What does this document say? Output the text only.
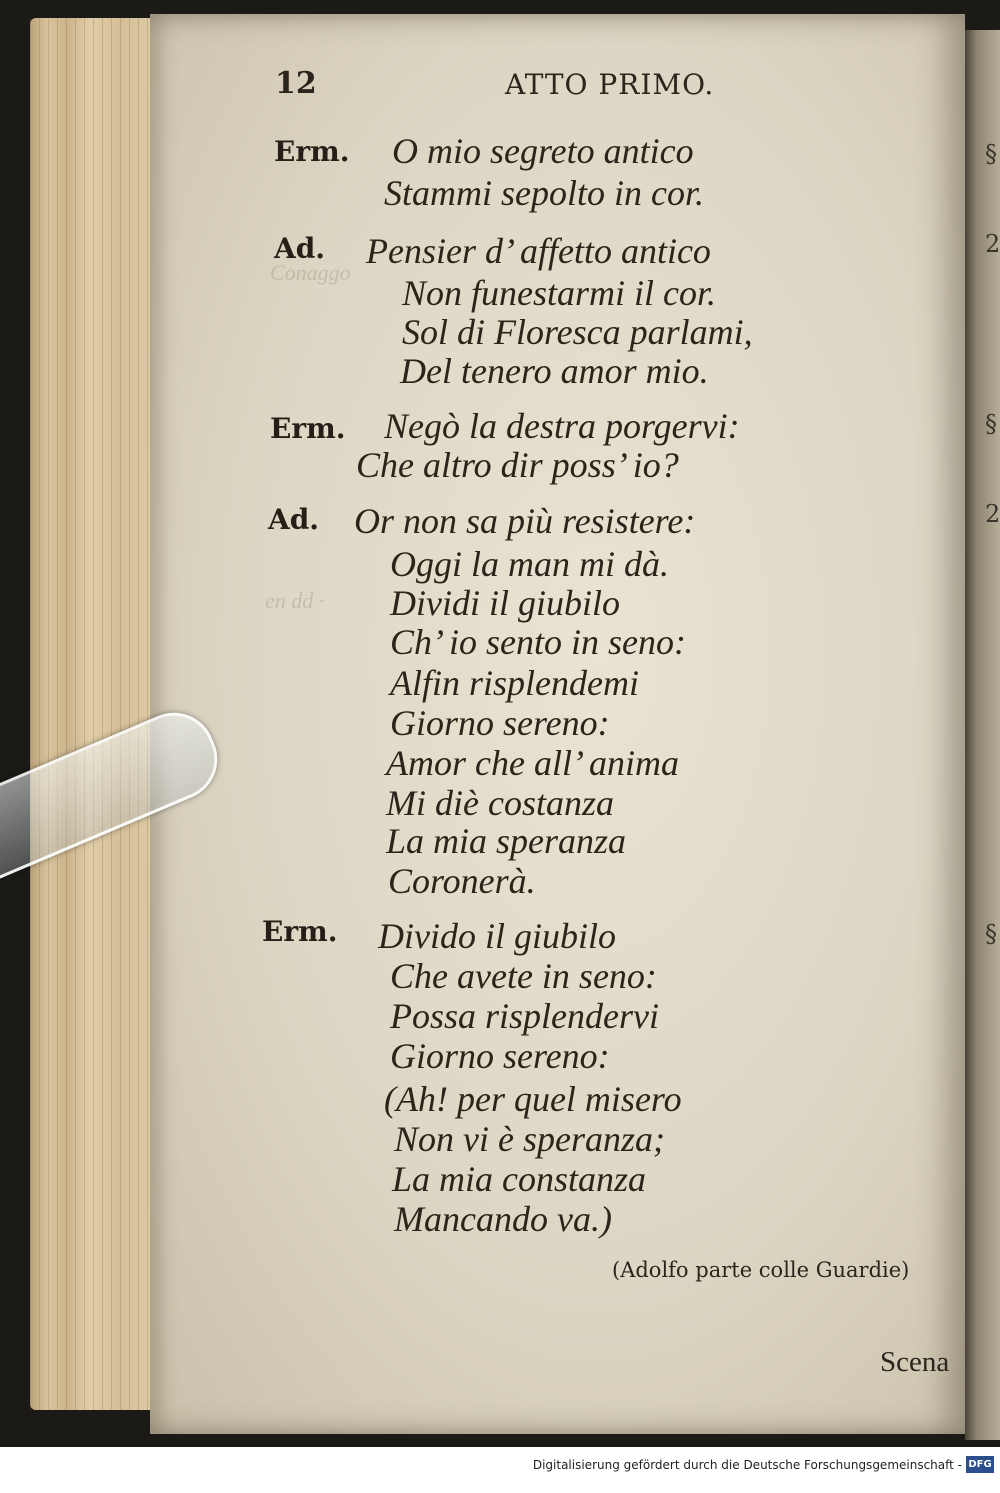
§
2
§
2
§
Conaggo
en dd ·
12	ATTO PRIMO.
Erm. O mio segreto antico
Stammi sepolto in cor.
Ad. Pensier d’ affetto antico
Non funestarmi il cor.
Sol di Floresca parlami,
Del tenero amor mio.
Erm. Negò la destra porgervi:
Che altro dir poss’ io?
Ad. Or non sa più resistere:
Oggi la man mi dà.
Dividi il giubilo
Ch’ io sento in seno:
Alfin risplendemi
Giorno sereno:
Amor che all’ anima
Mi diè costanza
La mia speranza
Coronerà.
Erm. Divido il giubilo
Che avete in seno:
Possa risplendervi
Giorno sereno:
(Ah! per quel misero
Non vi è speranza;
La mia constanza
Mancando va.)
(Adolfo parte colle Guardie)
Scena
Digitalisierung gefördert durch die Deutsche Forschungsgemeinschaft - DFG
